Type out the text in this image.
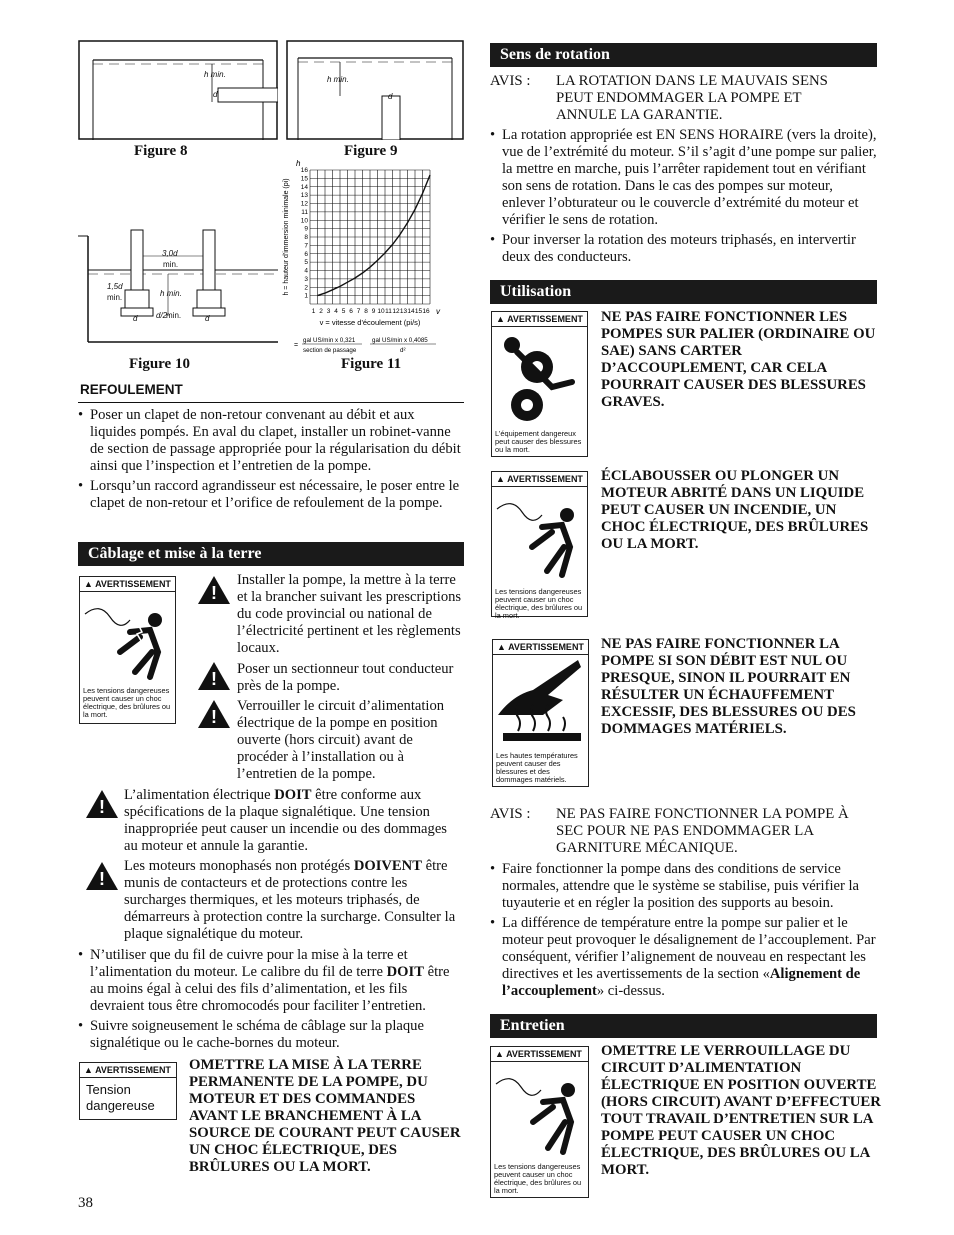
h min.
d
h min.
d
Figure 8	Figure 9
3,0d
min.
1,5d
min.	h min.
d/2
min.
d	d
Figure 10
1 2 3 4 5 6 7 8 9 10 11 12 13 14 15 16
1
2
3
4
5
6
7
8
9
10
11
12
13
14
15
16
h
v
h = hauteur d'immersion minimale (pi)
v = vitesse d'écoulement (pi/s)
=
gal US/min x 0,321
section de passage
gal US/min x 0,4085
d²
Figure 11
REFOULEMENT
• Poser un clapet de non-retour convenant au débit et aux liquides pompés. En aval du clapet, installer un robinet-vanne de section de passage appropriée pour la régularisation du débit ainsi que l’inspection et l’entretien de la pompe.
• Lorsqu’un raccord agrandisseur est nécessaire, le poser entre le clapet de non-retour et l’orifice de refoulement de la pompe.
Câblage et mise à la terre
▲ AVERTISSEMENT
Les tensions dangereuses peuvent causer un choc électrique, des brûlures ou la mort.
!
Installer la pompe, la mettre à la terre et la brancher suivant les prescriptions du code provincial ou national de l’électricité pertinent et les règlements locaux.
!
Poser un sectionneur tout conducteur près de la pompe.
!
Verrouiller le circuit d’alimentation électrique de la pompe en position ouverte (hors circuit) avant de procéder à l’installation ou à l’entretien de la pompe.
!
L’alimentation électrique DOIT être conforme aux spécifications de la plaque signalétique. Une tension inappropriée peut causer un incendie ou des dommages au moteur et annule la garantie.
!
Les moteurs monophasés non protégés DOIVENT être munis de contacteurs et de protections contre les surcharges thermiques, et les moteurs triphasés, de démarreurs à protection contre la surcharge. Consulter la plaque signalétique du moteur.
• N’utiliser que du fil de cuivre pour la mise à la terre et l’alimentation du moteur. Le calibre du fil de terre DOIT être au moins égal à celui des fils d’alimentation, et les fils devraient tous être chromocodés pour faciliter l’entretien.
• Suivre soigneusement le schéma de câblage sur la plaque signalétique ou le cache-bornes du moteur.
▲ AVERTISSEMENT
Tension dangereuse
OMETTRE LA MISE À LA TERRE PERMANENTE DE LA POMPE, DU MOTEUR ET DES COMMANDES AVANT LE BRANCHEMENT À LA SOURCE DE COURANT PEUT CAUSER UN CHOC ÉLECTRIQUE, DES BRÛLURES OU LA MORT.
Sens de rotation
AVIS : LA ROTATION DANS LE MAUVAIS SENS PEUT ENDOMMAGER LA POMPE ET ANNULE LA GARANTIE.
• La rotation appropriée est EN SENS HORAIRE (vers la droite), vue de l’extrémité du moteur. S’il s’agit d’une pompe sur palier, la mettre en marche, puis l’arrêter rapidement tout en vérifiant son sens de rotation. Dans le cas des pompes sur moteur, enlever l’obturateur ou le couvercle d’extrémité du moteur et vérifier le sens de rotation.
• Pour inverser la rotation des moteurs triphasés, en intervertir deux des conducteurs.
Utilisation
▲ AVERTISSEMENT
L’équipement dangereux peut causer des blessures ou la mort.
NE PAS FAIRE FONCTIONNER LES POMPES SUR PALIER (ORDINAIRE OU SAE) SANS CARTER D’ACCOUPLEMENT, CAR CELA POURRAIT CAUSER DES BLESSURES GRAVES.
▲ AVERTISSEMENT
Les tensions dangereuses peuvent causer un choc électrique, des brûlures ou la mort.
ÉCLABOUSSER OU PLONGER UN MOTEUR ABRITÉ DANS UN LIQUIDE PEUT CAUSER UN INCENDIE, UN CHOC ÉLECTRIQUE, DES BRÛLURES OU LA MORT.
▲ AVERTISSEMENT
Les hautes températures peuvent causer des blessures et des dommages matériels.
NE PAS FAIRE FONCTIONNER LA POMPE SI SON DÉBIT EST NUL OU PRESQUE, SINON IL POURRAIT EN RÉSULTER UN ÉCHAUFFEMENT EXCESSIF, DES BLESSURES OU DES DOMMAGES MATÉRIELS.
AVIS : NE PAS FAIRE FONCTIONNER LA POMPE À SEC POUR NE PAS ENDOMMAGER LA GARNITURE MÉCANIQUE.
• Faire fonctionner la pompe dans des conditions de service normales, attendre que le système se stabilise, puis vérifier la tuyauterie et en régler la position des supports au besoin.
• La différence de température entre la pompe sur palier et le moteur peut provoquer le désalignement de l’accouplement. Par conséquent, vérifier l’alignement de nouveau en respectant les directives et les avertissements de la section «Alignement de l’accouplement» ci-dessus.
Entretien
▲ AVERTISSEMENT
Les tensions dangereuses peuvent causer un choc électrique, des brûlures ou la mort.
OMETTRE LE VERROUILLAGE DU CIRCUIT D’ALIMENTATION ÉLECTRIQUE EN POSITION OUVERTE (HORS CIRCUIT) AVANT D’EFFECTUER TOUT TRAVAIL D’ENTRETIEN SUR LA POMPE PEUT CAUSER UN CHOC ÉLECTRIQUE, DES BRÛLURES OU LA MORT.
38
